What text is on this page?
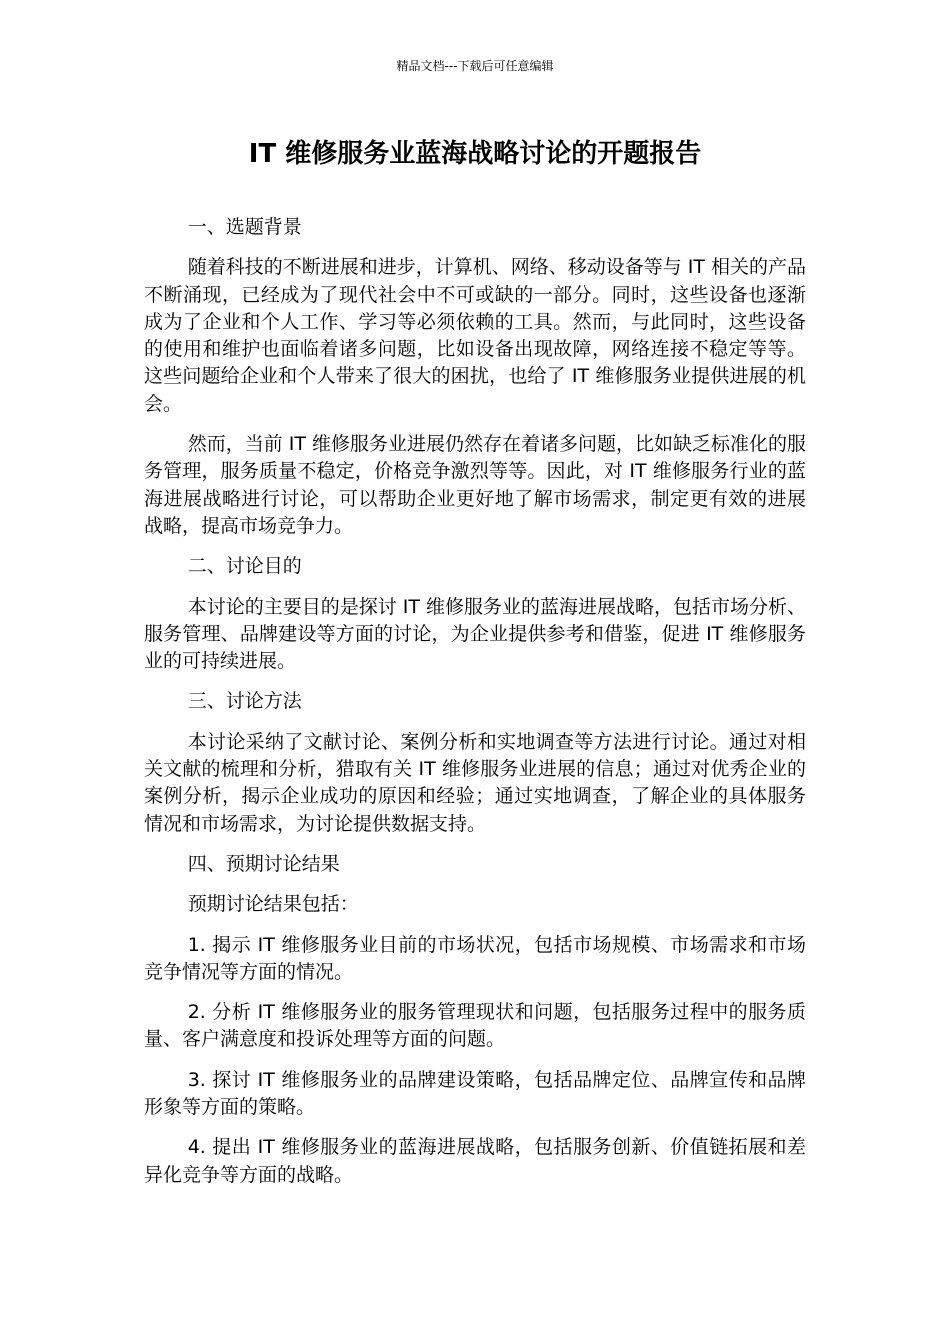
精品文档---下载后可任意编辑
IT 维修服务业蓝海战略讨论的开题报告

一、选题背景

随着科技的不断进展和进步，计算机、网络、移动设备等与 IT 相关的产品不断涌现，已经成为了现代社会中不可或缺的一部分。同时，这些设备也逐渐成为了企业和个人工作、学习等必须依赖的工具。然而，与此同时，这些设备的使用和维护也面临着诸多问题，比如设备出现故障，网络连接不稳定等等。这些问题给企业和个人带来了很大的困扰，也给了 IT 维修服务业提供进展的机会。

然而，当前 IT 维修服务业进展仍然存在着诸多问题，比如缺乏标准化的服务管理，服务质量不稳定，价格竞争激烈等等。因此，对 IT 维修服务行业的蓝海进展战略进行讨论，可以帮助企业更好地了解市场需求，制定更有效的进展战略，提高市场竞争力。

二、讨论目的

本讨论的主要目的是探讨 IT 维修服务业的蓝海进展战略，包括市场分析、服务管理、品牌建设等方面的讨论，为企业提供参考和借鉴，促进 IT 维修服务业的可持续进展。

三、讨论方法

本讨论采纳了文献讨论、案例分析和实地调查等方法进行讨论。通过对相关文献的梳理和分析，猎取有关 IT 维修服务业进展的信息；通过对优秀企业的案例分析，揭示企业成功的原因和经验；通过实地调查，了解企业的具体服务情况和市场需求，为讨论提供数据支持。

四、预期讨论结果

预期讨论结果包括：

1. 揭示 IT 维修服务业目前的市场状况，包括市场规模、市场需求和市场竞争情况等方面的情况。

2. 分析 IT 维修服务业的服务管理现状和问题，包括服务过程中的服务质量、客户满意度和投诉处理等方面的问题。

3. 探讨 IT 维修服务业的品牌建设策略，包括品牌定位、品牌宣传和品牌形象等方面的策略。

4. 提出 IT 维修服务业的蓝海进展战略，包括服务创新、价值链拓展和差异化竞争等方面的战略。
